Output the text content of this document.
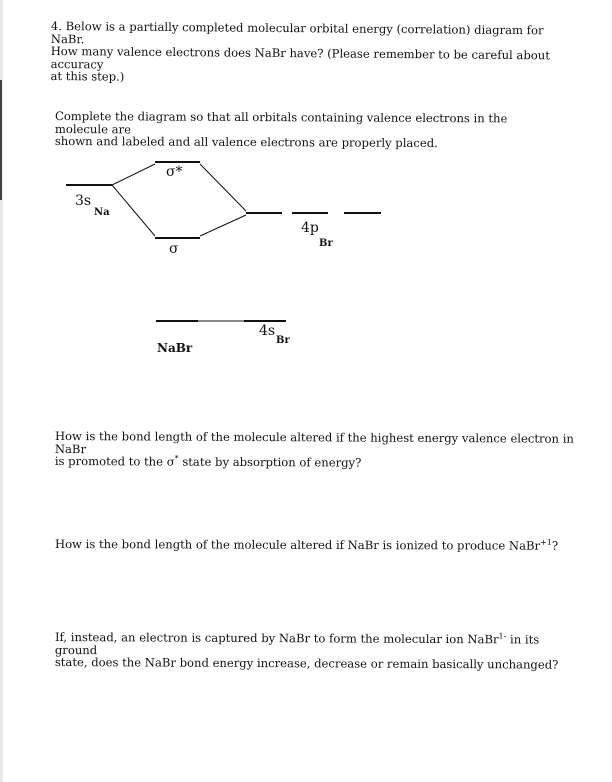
4. Below is a partially completed molecular orbital energy (correlation) diagram for NaBr.
How many valence electrons does NaBr have? (Please remember to be careful about accuracy
at this step.)
Complete the diagram so that all orbitals containing valence electrons in the molecule are
shown and labeled and all valence electrons are properly placed.
σ*
σ
3s
Na
4p
Br
4s
Br
NaBr
How is the bond length of the molecule altered if the highest energy valence electron in NaBr
is promoted to the σ* state by absorption of energy?
How is the bond length of the molecule altered if NaBr is ionized to produce NaBr$^{+1}$?
If, instead, an electron is captured by NaBr to form the molecular ion NaBr$^{1-}$ in its ground
state, does the NaBr bond energy increase, decrease or remain basically unchanged?
